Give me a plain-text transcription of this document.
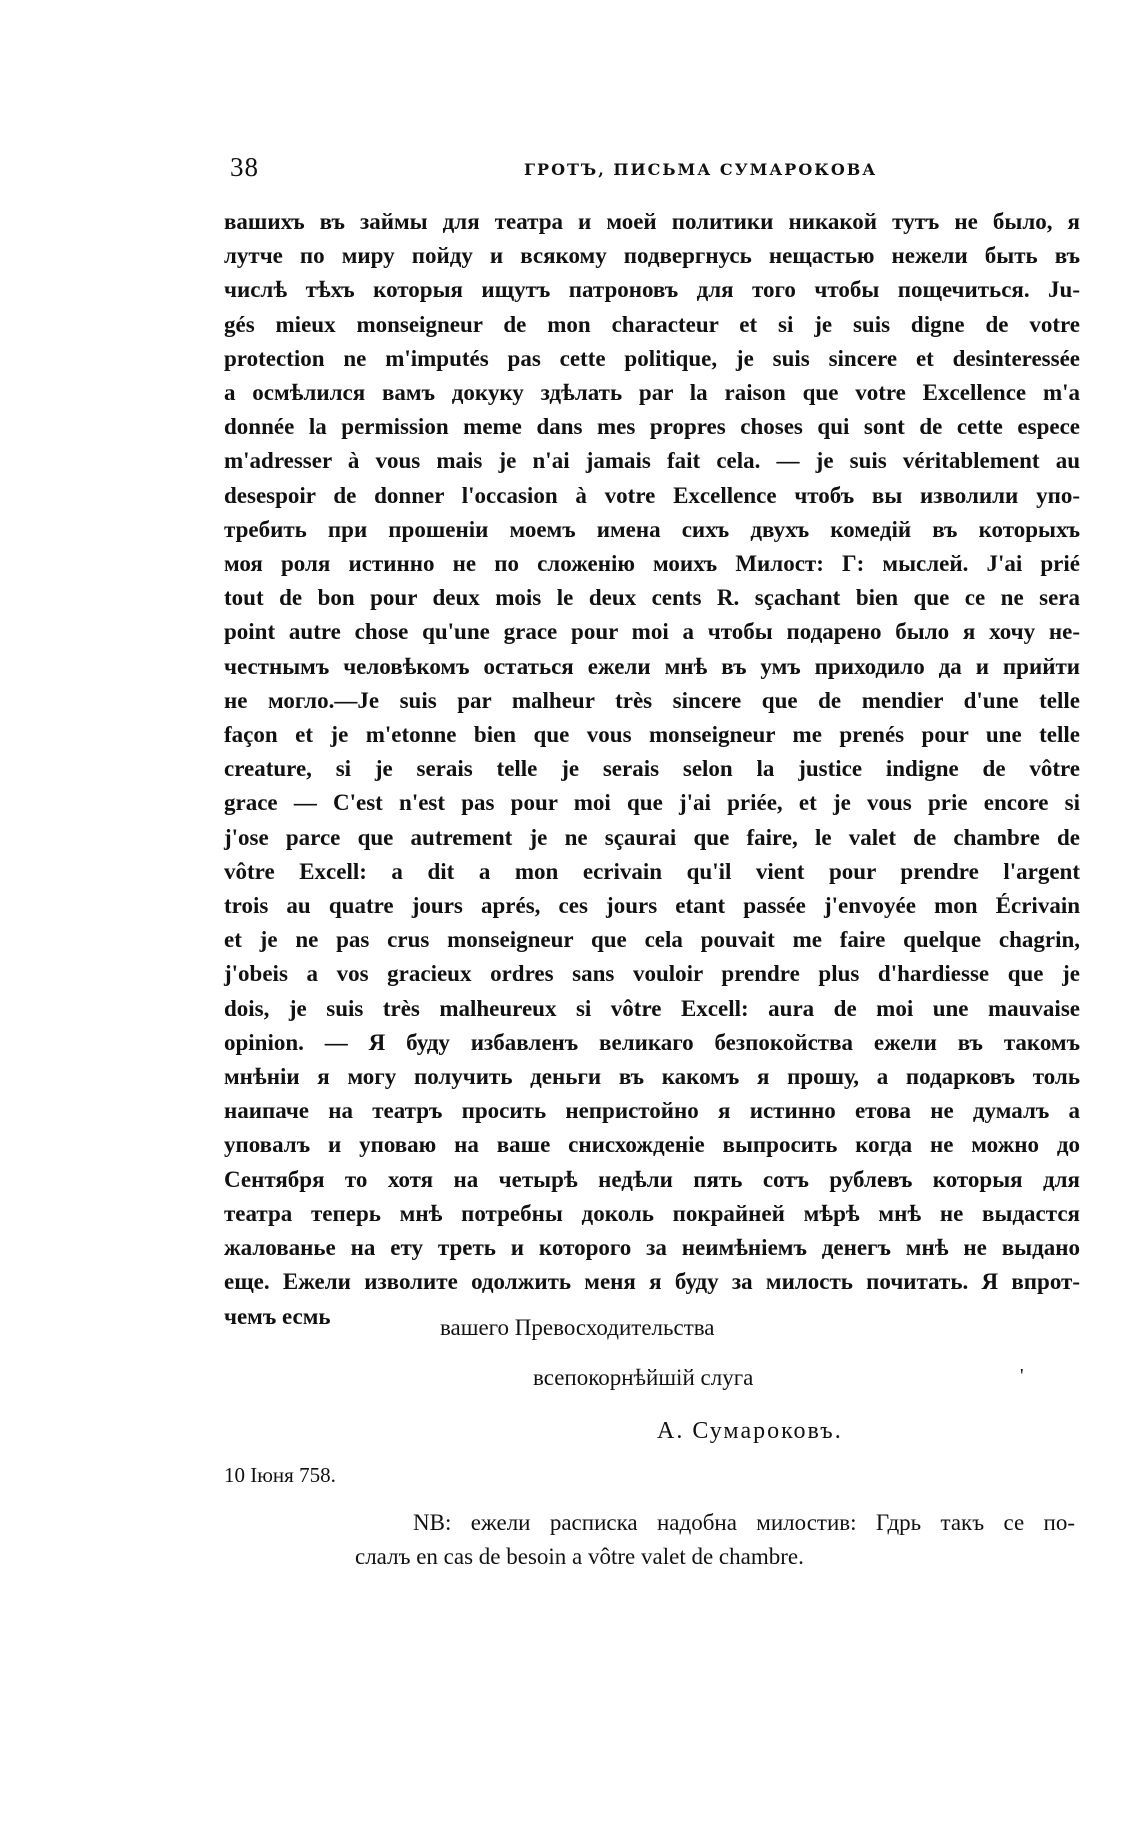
38	ГРОТЪ, ПИСЬМА СУМАРОКОВА
вашихъ въ займы для театра и моей политики никакой тутъ не было, я
лутче по миру пойду и всякому подвергнусь нещастью нежели быть въ
числѣ тѣхъ которыя ищутъ патроновъ для того чтобы пощечиться. Ju-
gés mieux monseigneur de mon characteur et si je suis digne de votre
protection ne m'imputés pas cette politique, je suis sincere et desinteressée
а осмѣлился вамъ докуку здѣлать par la raison que votre Excellence m'a
donnée la permission meme dans mes propres choses qui sont de cette espece
m'adresser à vous mais je n'ai jamais fait cela. — je suis véritablement au
desespoir de donner l'occasion à votre Excellence чтобъ вы изволили упо-
требить при прошеніи моемъ имена сихъ двухъ комедій въ которыхъ
моя роля истинно не по сложенію моихъ Милост: Г: мыслей. J'ai prié
tout de bon pour deux mois le deux cents R. sçachant bien que ce ne sera
point autre chose qu'une grace pour moi а чтобы подарено было я хочу не-
честнымъ человѣкомъ остаться ежели мнѣ въ умъ приходило да и прийти
не могло.—Je suis par malheur très sincere que de mendier d'une telle
façon et je m'etonne bien que vous monseigneur me prenés pour une telle
creature, si je serais telle je serais selon la justice indigne de vôtre
grace — C'est n'est pas pour moi que j'ai priée, et je vous prie encore si
j'ose parce que autrement je ne sçaurai que faire, le valet de chambre de
vôtre Excell: a dit a mon ecrivain qu'il vient pour prendre l'argent
trois au quatre jours aprés, ces jours etant passée j'envoyée mon Écrivain
et je ne pas crus monseigneur que cela pouvait me faire quelque chagrin,
j'obeis a vos gracieux ordres sans vouloir prendre plus d'hardiesse que je
dois, je suis très malheureux si vôtre Excell: aura de moi une mauvaise
opinion. — Я буду избавленъ великаго безпокойства ежели въ такомъ
мнѣніи я могу получить деньги въ какомъ я прошу, а подарковъ толь
наипаче на театръ просить непристойно я истинно етова не думалъ а
уповалъ и уповаю на ваше снисхожденіе выпросить когда не можно до
Сентября то хотя на четырѣ недѣли пять сотъ рублевъ которыя для
театра теперь мнѣ потребны доколь покрайней мѣрѣ мнѣ не выдастся
жалованье на ету треть и которого за неимѣніемъ денегъ мнѣ не выдано
еще. Ежели изволите одолжить меня я буду за милость почитать. Я впрот-
чемъ есмь	вашего Превосходительства
всепокорнѣйшій слуга	'
А. Сумароковъ.
10 Іюня 758.
NB: ежели расписка надобна милостив: Гдрь такъ се по-
слалъ en cas de besoin a vôtre valet de chambre.
